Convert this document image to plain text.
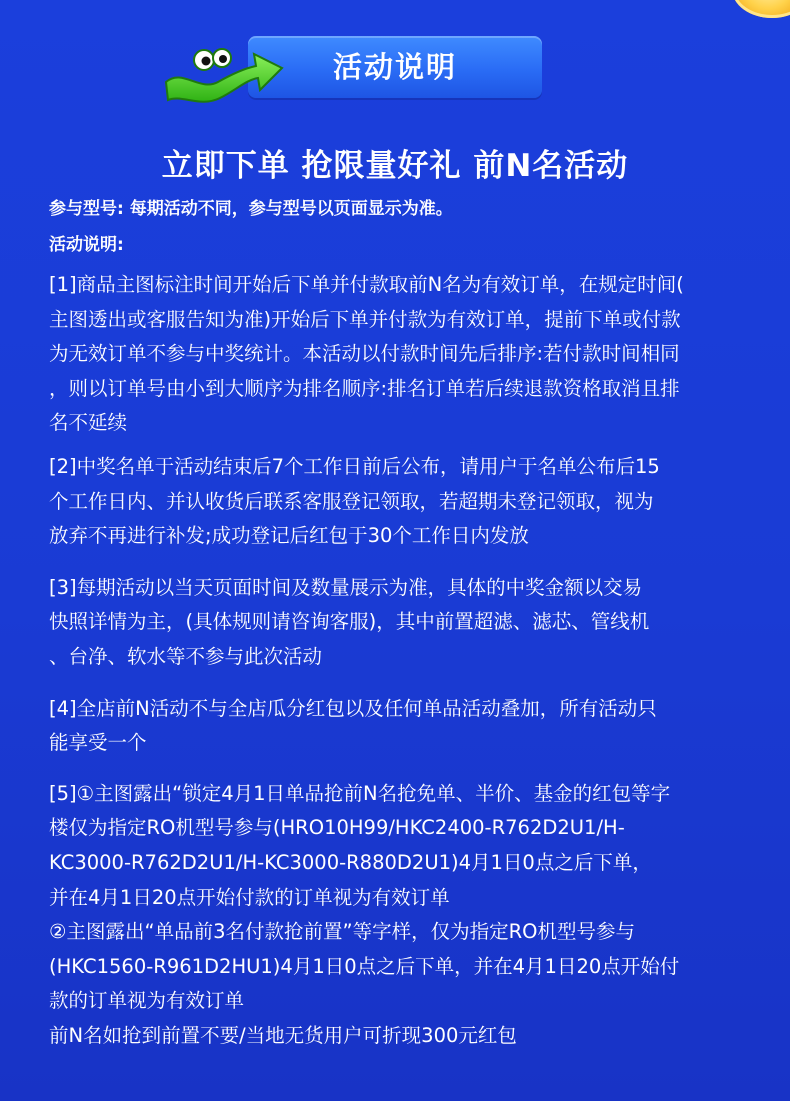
活动说明
立即下单 抢限量好礼 前N名活动
参与型号: 每期活动不同，参与型号以页面显示为准。
活动说明:
[1]商品主图标注时间开始后下单并付款取前N名为有效订单，在规定时间(
主图透出或客服告知为准)开始后下单并付款为有效订单，提前下单或付款
为无效订单不参与中奖统计。本活动以付款时间先后排序:若付款时间相同
，则以订单号由小到大顺序为排名顺序:排名订单若后续退款资格取消且排
名不延续
[2]中奖名单于活动结束后7个工作日前后公布，请用户于名单公布后15
个工作日内、并认收货后联系客服登记领取，若超期未登记领取，视为
放弃不再进行补发;成功登记后红包于30个工作日内发放
[3]每期活动以当天页面时间及数量展示为准，具体的中奖金额以交易
快照详情为主，(具体规则请咨询客服)，其中前置超滤、滤芯、管线机
、台净、软水等不参与此次活动
[4]全店前N活动不与全店瓜分红包以及任何单品活动叠加，所有活动只
能享受一个
[5]①主图露出“锁定4月1日单品抢前N名抢免单、半价、基金的红包等字
楼仅为指定RO机型号参与(HRO10H99/HKC2400-R762D2U1/H-
KC3000-R762D2U1/H-KC3000-R880D2U1)4月1日0点之后下单，
并在4月1日20点开始付款的订单视为有效订单
②主图露出“单品前3名付款抢前置”等字样，仅为指定RO机型号参与
(HKC1560-R961D2HU1)4月1日0点之后下单，并在4月1日20点开始付
款的订单视为有效订单
前N名如抢到前置不要/当地无货用户可折现300元红包
